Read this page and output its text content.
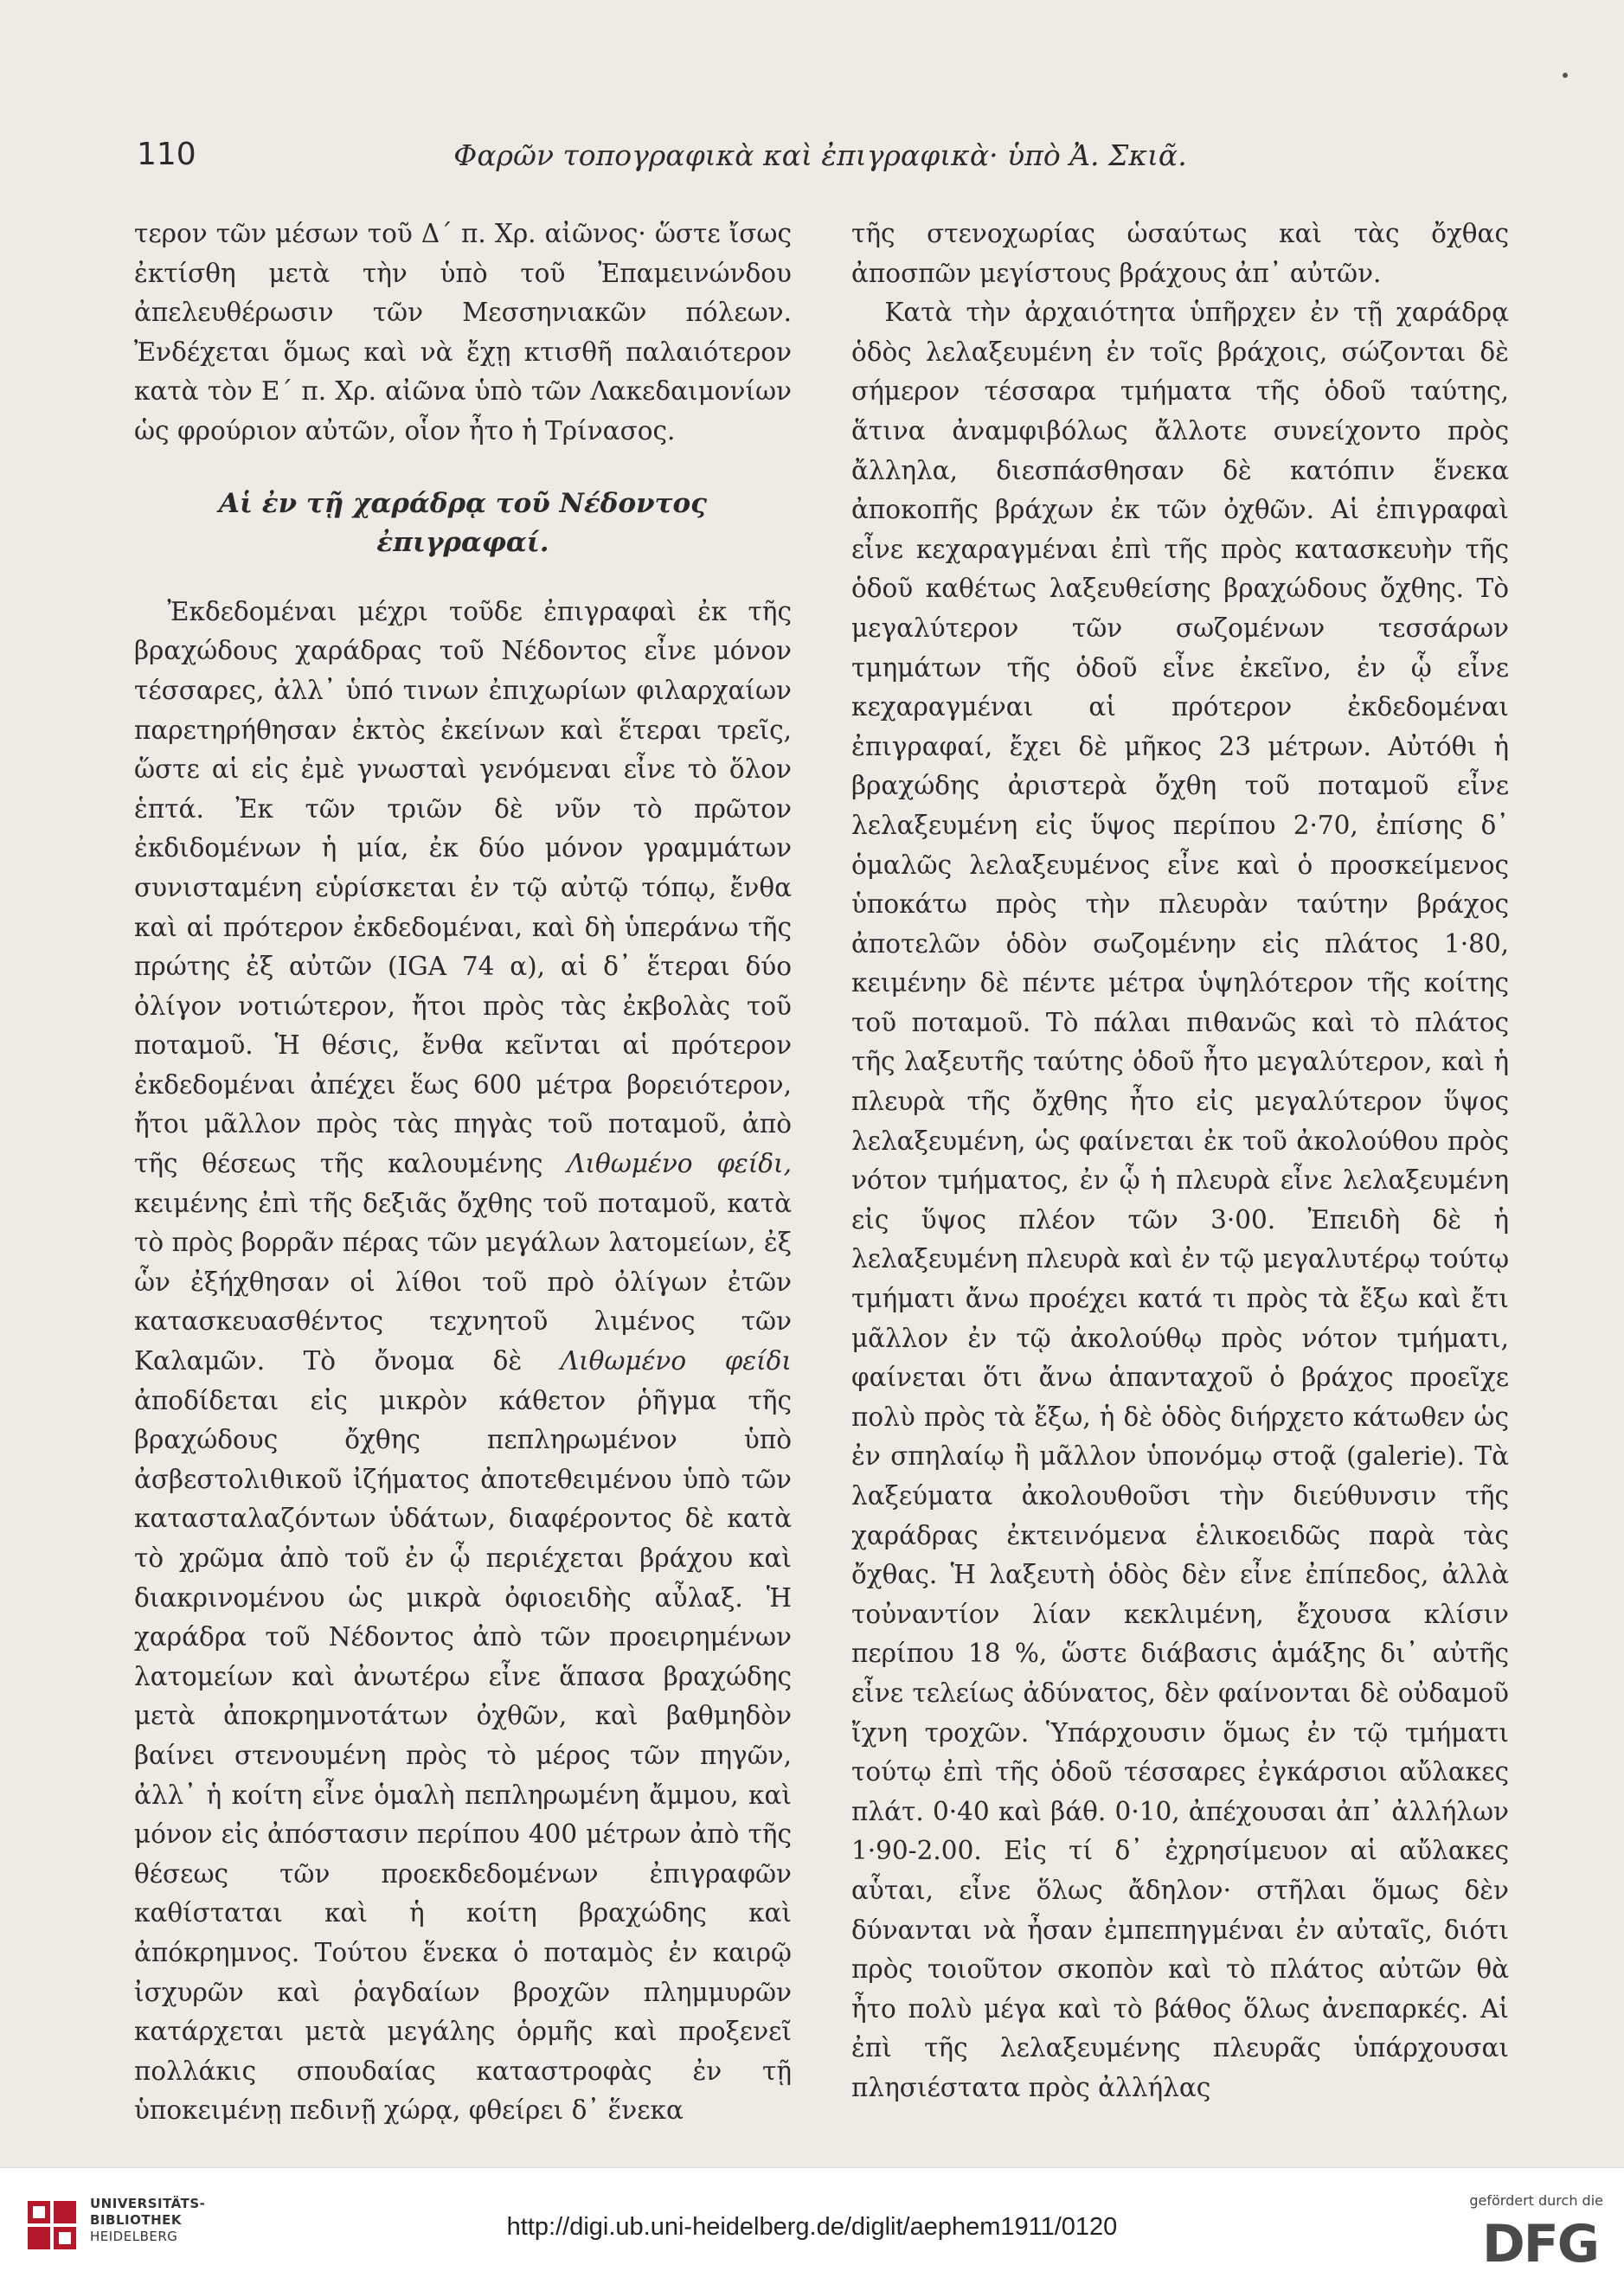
110	Φαρῶν τοπογραφικὰ καὶ ἐπιγραφικὰ· ὑπὸ Ἀ. Σκιᾶ.

τερον τῶν μέσων τοῦ Δ΄ π. Χρ. αἰῶνος· ὥστε ἴσως ἐκτίσθη μετὰ τὴν ὑπὸ τοῦ Ἐπαμεινώνδου ἀπελευθέρωσιν τῶν Μεσσηνιακῶν πόλεων. Ἐνδέχεται ὅμως καὶ νὰ ἔχῃ κτισθῆ παλαιότερον κατὰ τὸν Ε΄ π. Χρ. αἰῶνα ὑπὸ τῶν Λακεδαιμονίων ὡς φρούριον αὐτῶν, οἷον ἦτο ἡ Τρίνασος.

Αἱ ἐν τῇ χαράδρᾳ τοῦ Νέδοντος ἐπιγραφαί.

Ἐκδεδομέναι μέχρι τοῦδε ἐπιγραφαὶ ἐκ τῆς βραχώδους χαράδρας τοῦ Νέδοντος εἶνε μόνον τέσσαρες, ἀλλ᾽ ὑπό τινων ἐπιχωρίων φιλαρχαίων παρετηρήθησαν ἐκτὸς ἐκείνων καὶ ἕτεραι τρεῖς, ὥστε αἱ εἰς ἐμὲ γνωσταὶ γενόμεναι εἶνε τὸ ὅλον ἑπτά. Ἐκ τῶν τριῶν δὲ νῦν τὸ πρῶτον ἐκδιδομένων ἡ μία, ἐκ δύο μόνον γραμμάτων συνισταμένη εὑρίσκεται ἐν τῷ αὐτῷ τόπῳ, ἔνθα καὶ αἱ πρότερον ἐκδεδομέναι, καὶ δὴ ὑπεράνω τῆς πρώτης ἐξ αὐτῶν (IGA 74 α), αἱ δ᾽ ἕτεραι δύο ὀλίγον νοτιώτερον, ἤτοι πρὸς τὰς ἐκβολὰς τοῦ ποταμοῦ. Ἡ θέσις, ἔνθα κεῖνται αἱ πρότερον ἐκδεδομέναι ἀπέχει ἕως 600 μέτρα βορειότερον, ἤτοι μᾶλλον πρὸς τὰς πηγὰς τοῦ ποταμοῦ, ἀπὸ τῆς θέσεως τῆς καλουμένης Λιθωμένο φείδι, κειμένης ἐπὶ τῆς δεξιᾶς ὄχθης τοῦ ποταμοῦ, κατὰ τὸ πρὸς βορρᾶν πέρας τῶν μεγάλων λατομείων, ἐξ ὧν ἐξήχθησαν οἱ λίθοι τοῦ πρὸ ὀλίγων ἐτῶν κατασκευασθέντος τεχνητοῦ λιμένος τῶν Καλαμῶν. Τὸ ὄνομα δὲ Λιθωμένο φείδι ἀποδίδεται εἰς μικρὸν κάθετον ῥῆγμα τῆς βραχώδους ὄχθης πεπληρωμένον ὑπὸ ἀσβεστολιθικοῦ ἰζήματος ἀποτεθειμένου ὑπὸ τῶν κατασταλαζόντων ὑδάτων, διαφέροντος δὲ κατὰ τὸ χρῶμα ἀπὸ τοῦ ἐν ᾧ περιέχεται βράχου καὶ διακρινομένου ὡς μικρὰ ὀφιοειδὴς αὖλαξ. Ἡ χαράδρα τοῦ Νέδοντος ἀπὸ τῶν προειρημένων λατομείων καὶ ἀνωτέρω εἶνε ἅπασα βραχώδης μετὰ ἀποκρημνοτάτων ὀχθῶν, καὶ βαθμηδὸν βαίνει στενουμένη πρὸς τὸ μέρος τῶν πηγῶν, ἀλλ᾽ ἡ κοίτη εἶνε ὁμαλὴ πεπληρωμένη ἄμμου, καὶ μόνον εἰς ἀπόστασιν περίπου 400 μέτρων ἀπὸ τῆς θέσεως τῶν προεκδεδομένων ἐπιγραφῶν καθίσταται καὶ ἡ κοίτη βραχώδης καὶ ἀπόκρημνος. Τούτου ἕνεκα ὁ ποταμὸς ἐν καιρῷ ἰσχυρῶν καὶ ῥαγδαίων βροχῶν πλημμυρῶν κατάρχεται μετὰ μεγάλης ὁρμῆς καὶ προξενεῖ πολλάκις σπουδαίας καταστροφὰς ἐν τῇ ὑποκειμένῃ πεδινῇ χώρᾳ, φθείρει δ᾽ ἕνεκα

τῆς στενοχωρίας ὡσαύτως καὶ τὰς ὄχθας ἀποσπῶν μεγίστους βράχους ἀπ᾽ αὐτῶν.

Κατὰ τὴν ἀρχαιότητα ὑπῆρχεν ἐν τῇ χαράδρᾳ ὁδὸς λελαξευμένη ἐν τοῖς βράχοις, σώζονται δὲ σήμερον τέσσαρα τμήματα τῆς ὁδοῦ ταύτης, ἅτινα ἀναμφιβόλως ἄλλοτε συνείχοντο πρὸς ἄλληλα, διεσπάσθησαν δὲ κατόπιν ἕνεκα ἀποκοπῆς βράχων ἐκ τῶν ὀχθῶν. Αἱ ἐπιγραφαὶ εἶνε κεχαραγμέναι ἐπὶ τῆς πρὸς κατασκευὴν τῆς ὁδοῦ καθέτως λαξευθείσης βραχώδους ὄχθης. Τὸ μεγαλύτερον τῶν σωζομένων τεσσάρων τμημάτων τῆς ὁδοῦ εἶνε ἐκεῖνο, ἐν ᾧ εἶνε κεχαραγμέναι αἱ πρότερον ἐκδεδομέναι ἐπιγραφαί, ἔχει δὲ μῆκος 23 μέτρων. Αὐτόθι ἡ βραχώδης ἀριστερὰ ὄχθη τοῦ ποταμοῦ εἶνε λελαξευμένη εἰς ὕψος περίπου 2·70, ἐπίσης δ᾽ ὁμαλῶς λελαξευμένος εἶνε καὶ ὁ προσκείμενος ὑποκάτω πρὸς τὴν πλευρὰν ταύτην βράχος ἀποτελῶν ὁδὸν σωζομένην εἰς πλάτος 1·80, κειμένην δὲ πέντε μέτρα ὑψηλότερον τῆς κοίτης τοῦ ποταμοῦ. Τὸ πάλαι πιθανῶς καὶ τὸ πλάτος τῆς λαξευτῆς ταύτης ὁδοῦ ἦτο μεγαλύτερον, καὶ ἡ πλευρὰ τῆς ὄχθης ἦτο εἰς μεγαλύτερον ὕψος λελαξευμένη, ὡς φαίνεται ἐκ τοῦ ἀκολούθου πρὸς νότον τμήματος, ἐν ᾧ ἡ πλευρὰ εἶνε λελαξευμένη εἰς ὕψος πλέον τῶν 3·00. Ἐπειδὴ δὲ ἡ λελαξευμένη πλευρὰ καὶ ἐν τῷ μεγαλυτέρῳ τούτῳ τμήματι ἄνω προέχει κατά τι πρὸς τὰ ἔξω καὶ ἔτι μᾶλλον ἐν τῷ ἀκολούθῳ πρὸς νότον τμήματι, φαίνεται ὅτι ἄνω ἁπανταχοῦ ὁ βράχος προεῖχε πολὺ πρὸς τὰ ἔξω, ἡ δὲ ὁδὸς διήρχετο κάτωθεν ὡς ἐν σπηλαίῳ ἢ μᾶλλον ὑπονόμῳ στοᾷ (galerie). Τὰ λαξεύματα ἀκολουθοῦσι τὴν διεύθυνσιν τῆς χαράδρας ἐκτεινόμενα ἑλικοειδῶς παρὰ τὰς ὄχθας. Ἡ λαξευτὴ ὁδὸς δὲν εἶνε ἐπίπεδος, ἀλλὰ τοὐναντίον λίαν κεκλιμένη, ἔχουσα κλίσιν περίπου 18 %, ὥστε διάβασις ἁμάξης δι᾽ αὐτῆς εἶνε τελείως ἀδύνατος, δὲν φαίνονται δὲ οὐδαμοῦ ἴχνη τροχῶν. Ὑπάρχουσιν ὅμως ἐν τῷ τμήματι τούτῳ ἐπὶ τῆς ὁδοῦ τέσσαρες ἐγκάρσιοι αὔλακες πλάτ. 0·40 καὶ βάθ. 0·10, ἀπέχουσαι ἀπ᾽ ἀλλήλων 1·90-2.00. Εἰς τί δ᾽ ἐχρησίμευον αἱ αὔλακες αὗται, εἶνε ὅλως ἄδηλον· στῆλαι ὅμως δὲν δύνανται νὰ ἦσαν ἐμπεπηγμέναι ἐν αὐταῖς, διότι πρὸς τοιοῦτον σκοπὸν καὶ τὸ πλάτος αὐτῶν θὰ ἦτο πολὺ μέγα καὶ τὸ βάθος ὅλως ἀνεπαρκές. Αἱ ἐπὶ τῆς λελαξευμένης πλευρᾶς ὑπάρχουσαι πλησιέστατα πρὸς ἀλλήλας

UNIVERSITÄTS-
BIBLIOTHEK
HEIDELBERG	http://digi.ub.uni-heidelberg.de/diglit/aephem1911/0120
gefördert durch die
DFG
